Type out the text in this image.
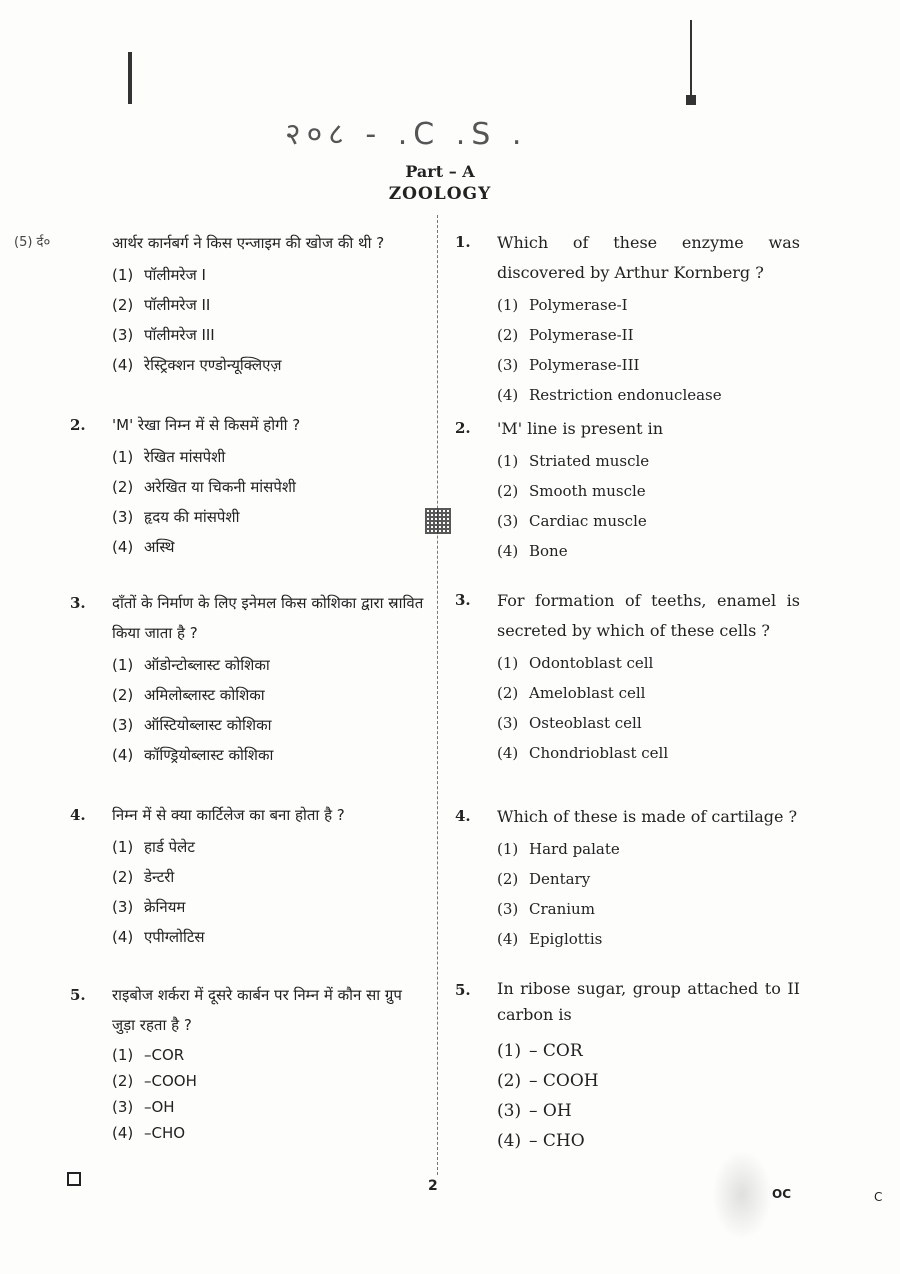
२०८ - .C .S .
Part – A
ZOOLOGY
(5) र्द०	आर्थर कार्नबर्ग ने किस एन्जाइम की खोज की थी ?
(1) पॉलीमरेज I
(2) पॉलीमरेज II
(3) पॉलीमरेज III
(4) रेस्ट्रिक्शन एण्डोन्यूक्लिएज़
2. 'M' रेखा निम्न में से किसमें होगी ?
(1) रेखित मांसपेशी
(2) अरेखित या चिकनी मांसपेशी
(3) हृदय की मांसपेशी
(4) अस्थि
3. दाँतों के निर्माण के लिए इनेमल किस कोशिका द्वारा स्रावित किया जाता है ?
(1) ऑडोन्टोब्लास्ट कोशिका
(2) अमिलोब्लास्ट कोशिका
(3) ऑस्टियोब्लास्ट कोशिका
(4) कॉण्ड्रियोब्लास्ट कोशिका
4. निम्न में से क्या कार्टिलेज का बना होता है ?
(1) हार्ड पेलेट
(2) डेन्टरी
(3) क्रेनियम
(4) एपीग्लोटिस
5. राइबोज शर्करा में दूसरे कार्बन पर निम्न में कौन सा ग्रुप जुड़ा रहता है ?
(1) –COR
(2) –COOH
(3) –OH
(4) –CHO
1. Which of these enzyme was discovered by Arthur Kornberg ?
(1) Polymerase-I
(2) Polymerase-II
(3) Polymerase-III
(4) Restriction endonuclease
2. 'M' line is present in
(1) Striated muscle
(2) Smooth muscle
(3) Cardiac muscle
(4) Bone
3. For formation of teeths, enamel is secreted by which of these cells ?
(1) Odontoblast cell
(2) Ameloblast cell
(3) Osteoblast cell
(4) Chondrioblast cell
4. Which of these is made of cartilage ?
(1) Hard palate
(2) Dentary
(3) Cranium
(4) Epiglottis
5. In ribose sugar, group attached to II carbon is
(1) – COR
(2) – COOH
(3) – OH
(4) – CHO
2	OC	C
